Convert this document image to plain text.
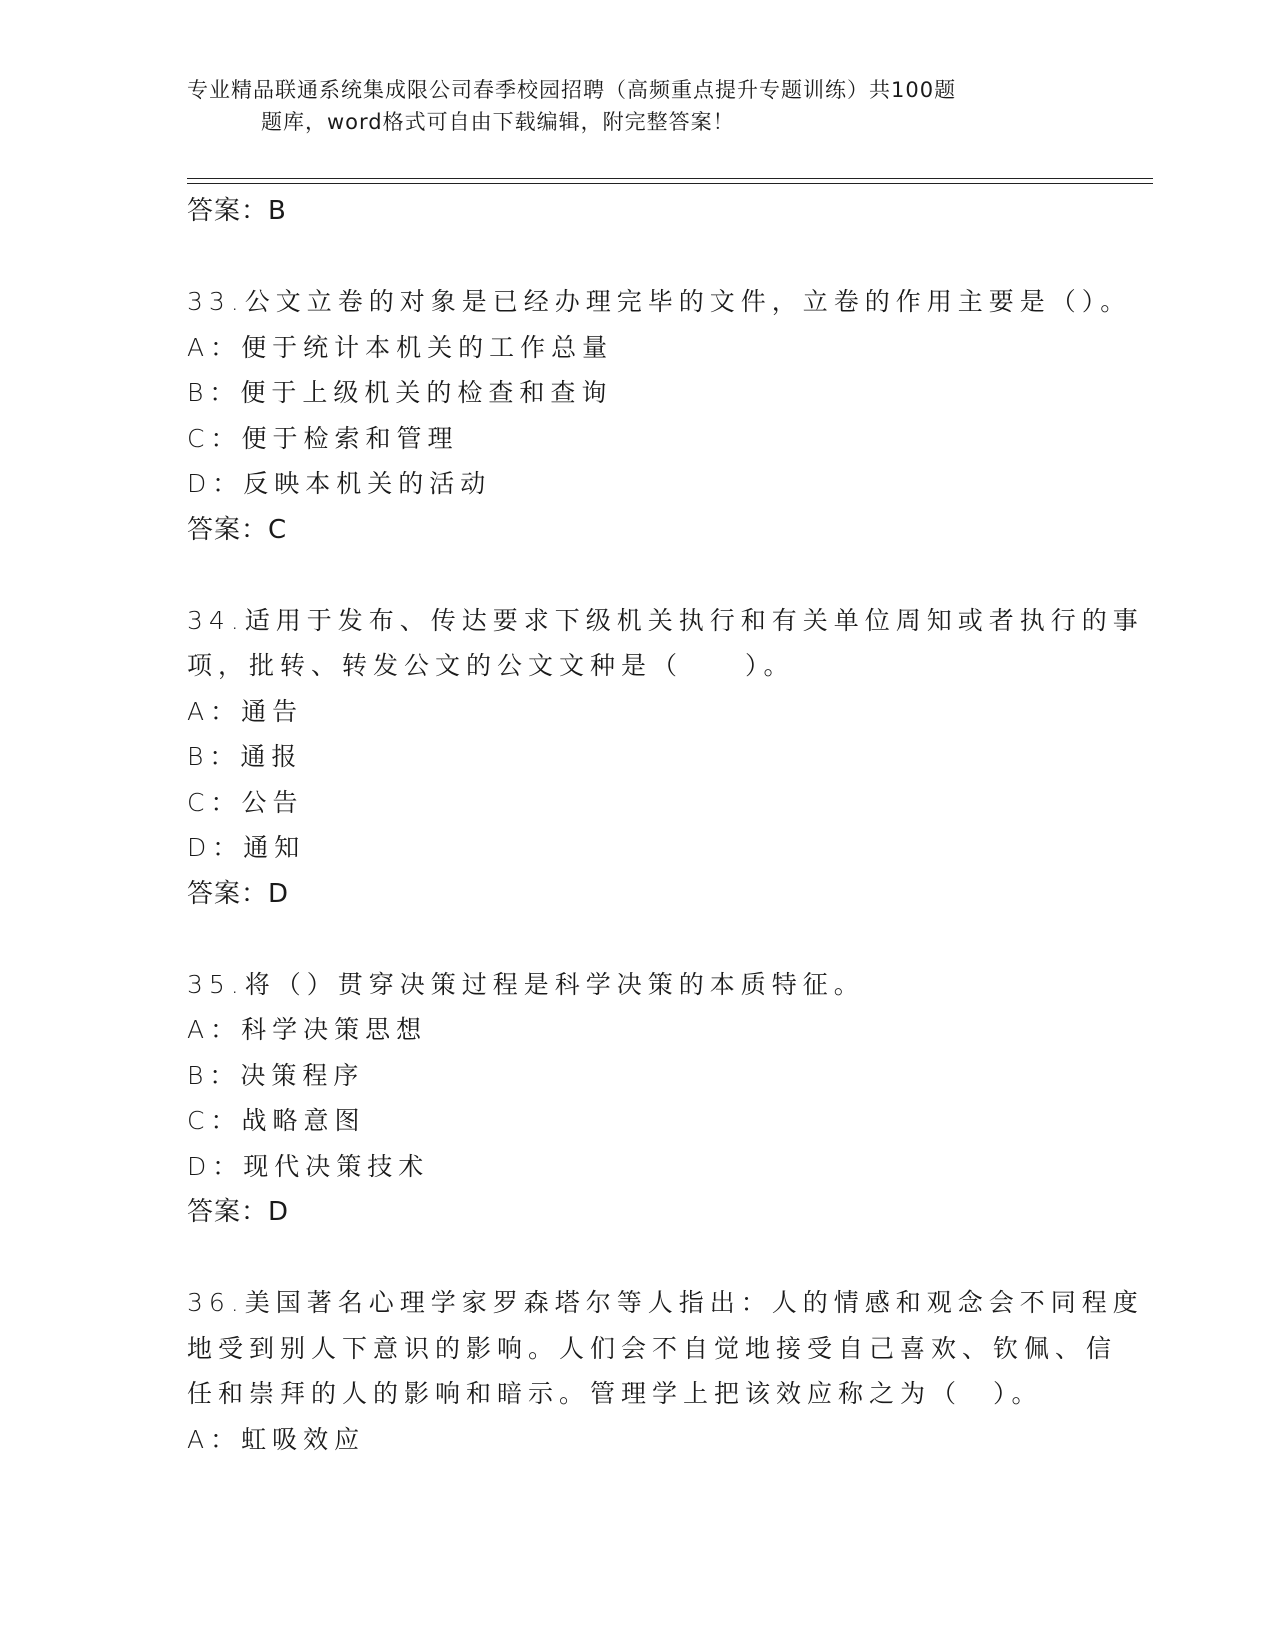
专业精品联通系统集成限公司春季校园招聘（高频重点提升专题训练）共100题
题库，word格式可自由下载编辑，附完整答案！
答案：B
33.公文立卷的对象是已经办理完毕的文件，立卷的作用主要是（）。
A：便于统计本机关的工作总量
B：便于上级机关的检查和查询
C：便于检索和管理
D：反映本机关的活动
答案：C
34.适用于发布、传达要求下级机关执行和有关单位周知或者执行的事
项，批转、转发公文的公文文种是（　　）。
A：通告
B：通报
C：公告
D：通知
答案：D
35.将（）贯穿决策过程是科学决策的本质特征。
A：科学决策思想
B：决策程序
C：战略意图
D：现代决策技术
答案：D
36.美国著名心理学家罗森塔尔等人指出：人的情感和观念会不同程度
地受到别人下意识的影响。人们会不自觉地接受自己喜欢、钦佩、信
任和崇拜的人的影响和暗示。管理学上把该效应称之为（　）。
A：虹吸效应
